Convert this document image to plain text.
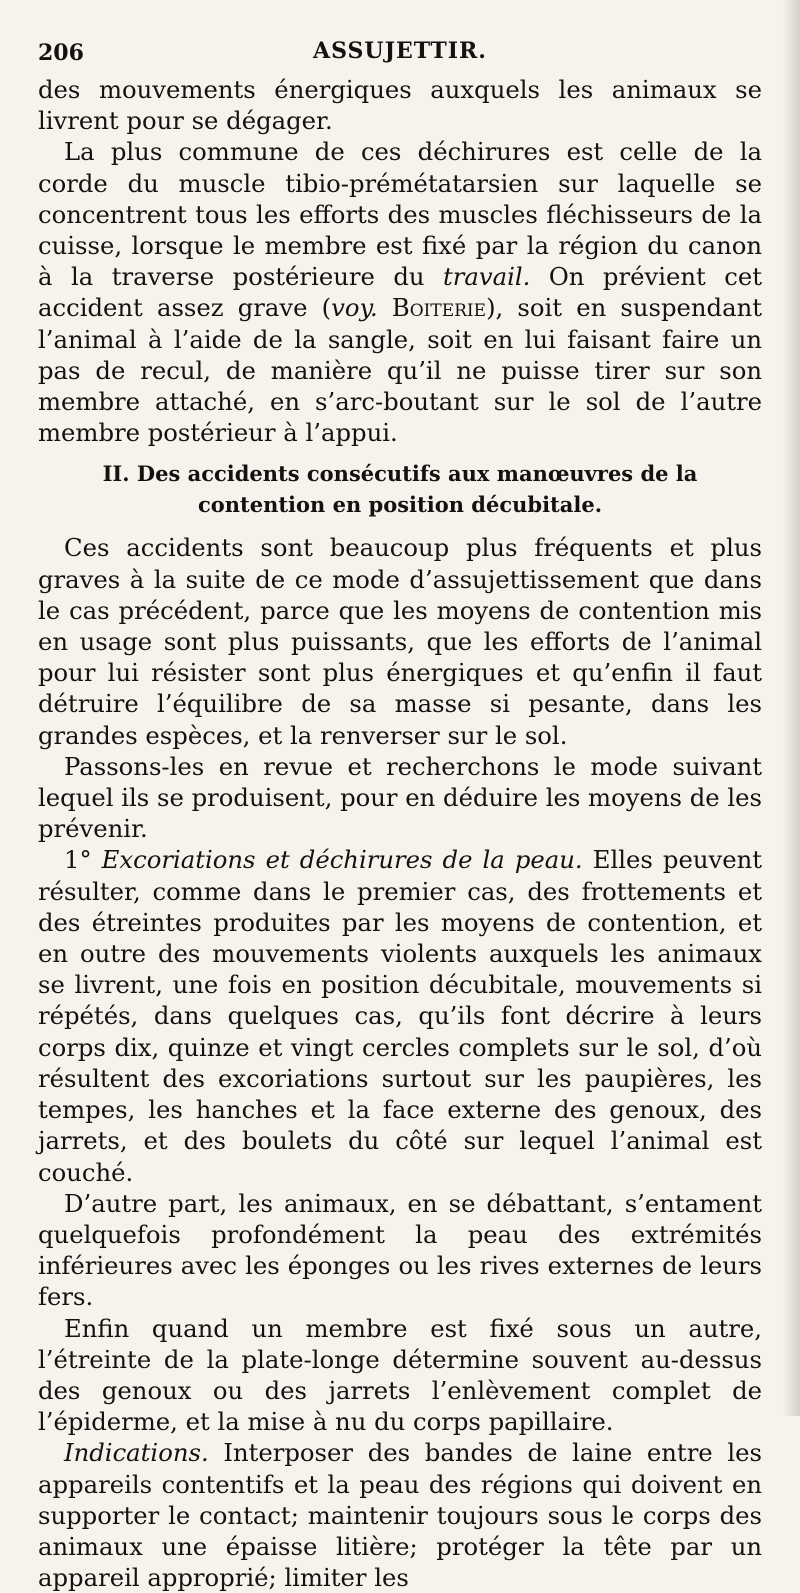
206	ASSUJETTIR.

des mouvements énergiques auxquels les animaux se livrent pour se dégager.

La plus commune de ces déchirures est celle de la corde du muscle tibio-prémétatarsien sur laquelle se concentrent tous les efforts des muscles fléchisseurs de la cuisse, lorsque le membre est fixé par la région du canon à la traverse postérieure du travail. On prévient cet accident assez grave (voy. Boiterie), soit en suspendant l’animal à l’aide de la sangle, soit en lui faisant faire un pas de recul, de manière qu’il ne puisse tirer sur son membre attaché, en s’arc-boutant sur le sol de l’autre membre postérieur à l’appui.

II. Des accidents consécutifs aux manœuvres de la contention en position décubitale.

Ces accidents sont beaucoup plus fréquents et plus graves à la suite de ce mode d’assujettissement que dans le cas précédent, parce que les moyens de contention mis en usage sont plus puissants, que les efforts de l’animal pour lui résister sont plus énergiques et qu’enfin il faut détruire l’équilibre de sa masse si pesante, dans les grandes espèces, et la renverser sur le sol.

Passons-les en revue et recherchons le mode suivant lequel ils se produisent, pour en déduire les moyens de les prévenir.

1° Excoriations et déchirures de la peau. Elles peuvent résulter, comme dans le premier cas, des frottements et des étreintes produites par les moyens de contention, et en outre des mouvements violents auxquels les animaux se livrent, une fois en position décubitale, mouvements si répétés, dans quelques cas, qu’ils font décrire à leurs corps dix, quinze et vingt cercles complets sur le sol, d’où résultent des excoriations surtout sur les paupières, les tempes, les hanches et la face externe des genoux, des jarrets, et des boulets du côté sur lequel l’animal est couché.

D’autre part, les animaux, en se débattant, s’entament quelquefois profondément la peau des extrémités inférieures avec les éponges ou les rives externes de leurs fers.

Enfin quand un membre est fixé sous un autre, l’étreinte de la plate-longe détermine souvent au-dessus des genoux ou des jarrets l’enlèvement complet de l’épiderme, et la mise à nu du corps papillaire.

Indications. Interposer des bandes de laine entre les appareils contentifs et la peau des régions qui doivent en supporter le contact; maintenir toujours sous le corps des animaux une épaisse litière; protéger la tête par un appareil approprié; limiter les
